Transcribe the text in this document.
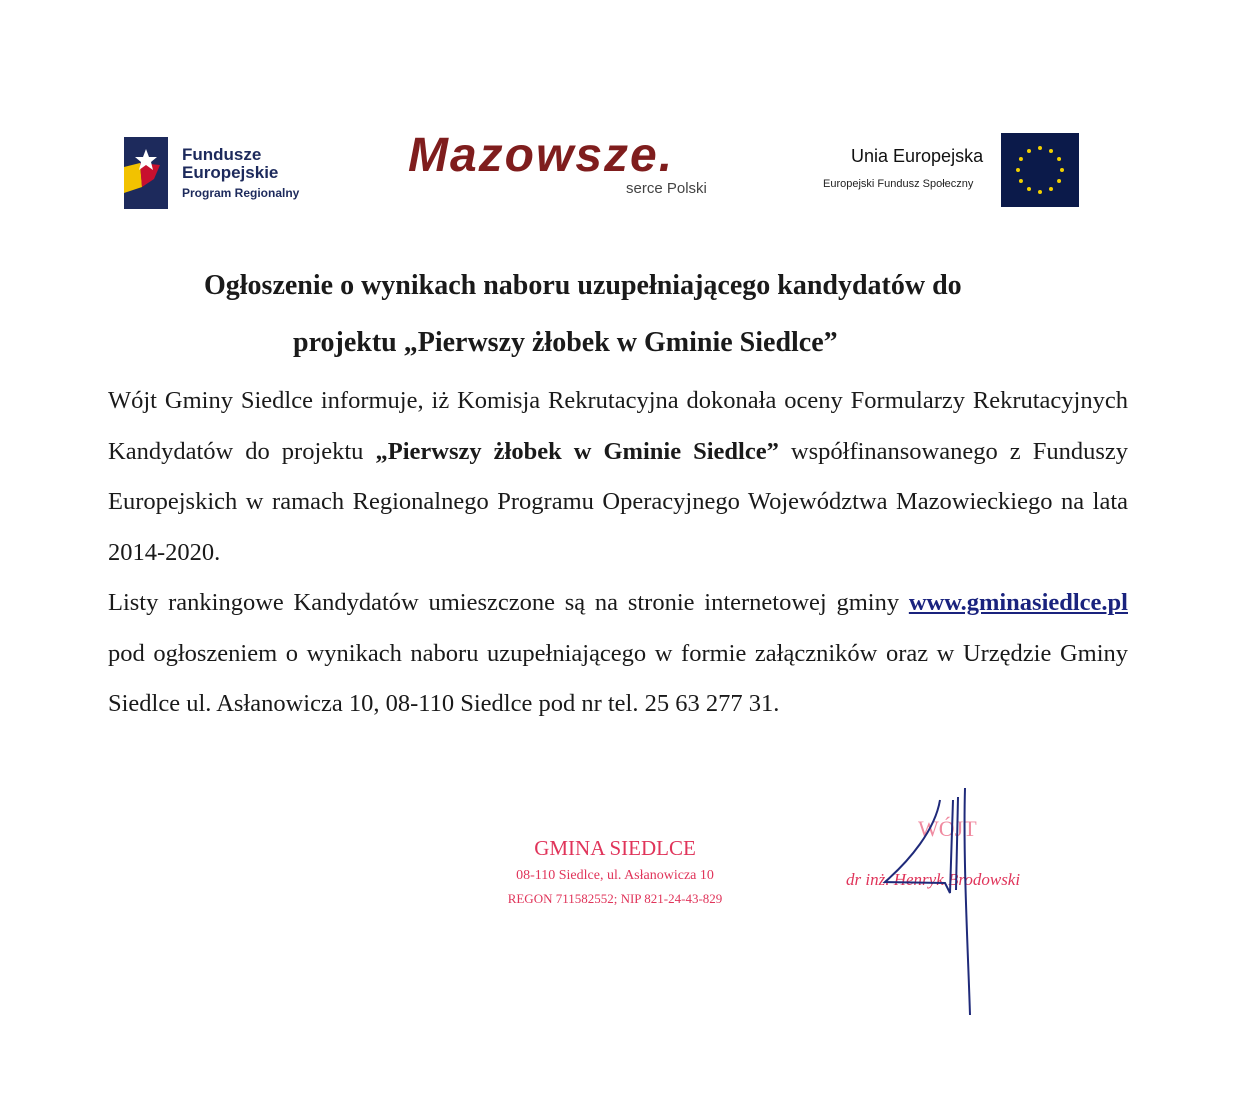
Fundusze
Europejskie
Program Regionalny
Mazowsze.
serce Polski
Unia Europejska
Europejski Fundusz Społeczny
Ogłoszenie o wynikach naboru uzupełniającego kandydatów do
projektu „Pierwszy żłobek w Gminie Siedlce”

Wójt Gminy Siedlce informuje, iż Komisja Rekrutacyjna dokonała oceny Formularzy Rekrutacyjnych Kandydatów do projektu „Pierwszy żłobek w Gminie Siedlce” współfinansowanego z Funduszy Europejskich w ramach Regionalnego Programu Operacyjnego Województwa Mazowieckiego na lata 2014-2020.

Listy rankingowe Kandydatów umieszczone są na stronie internetowej gminy www.gminasiedlce.pl pod ogłoszeniem o wynikach naboru uzupełniającego w formie załączników oraz w Urzędzie Gminy Siedlce ul. Asłanowicza 10, 08-110 Siedlce pod nr tel. 25 63 277 31.

GMINA SIEDLCE
08-110 Siedlce, ul. Asłanowicza 10
REGON 711582552; NIP 821-24-43-829
WÓJT
dr inż. Henryk Brodowski
